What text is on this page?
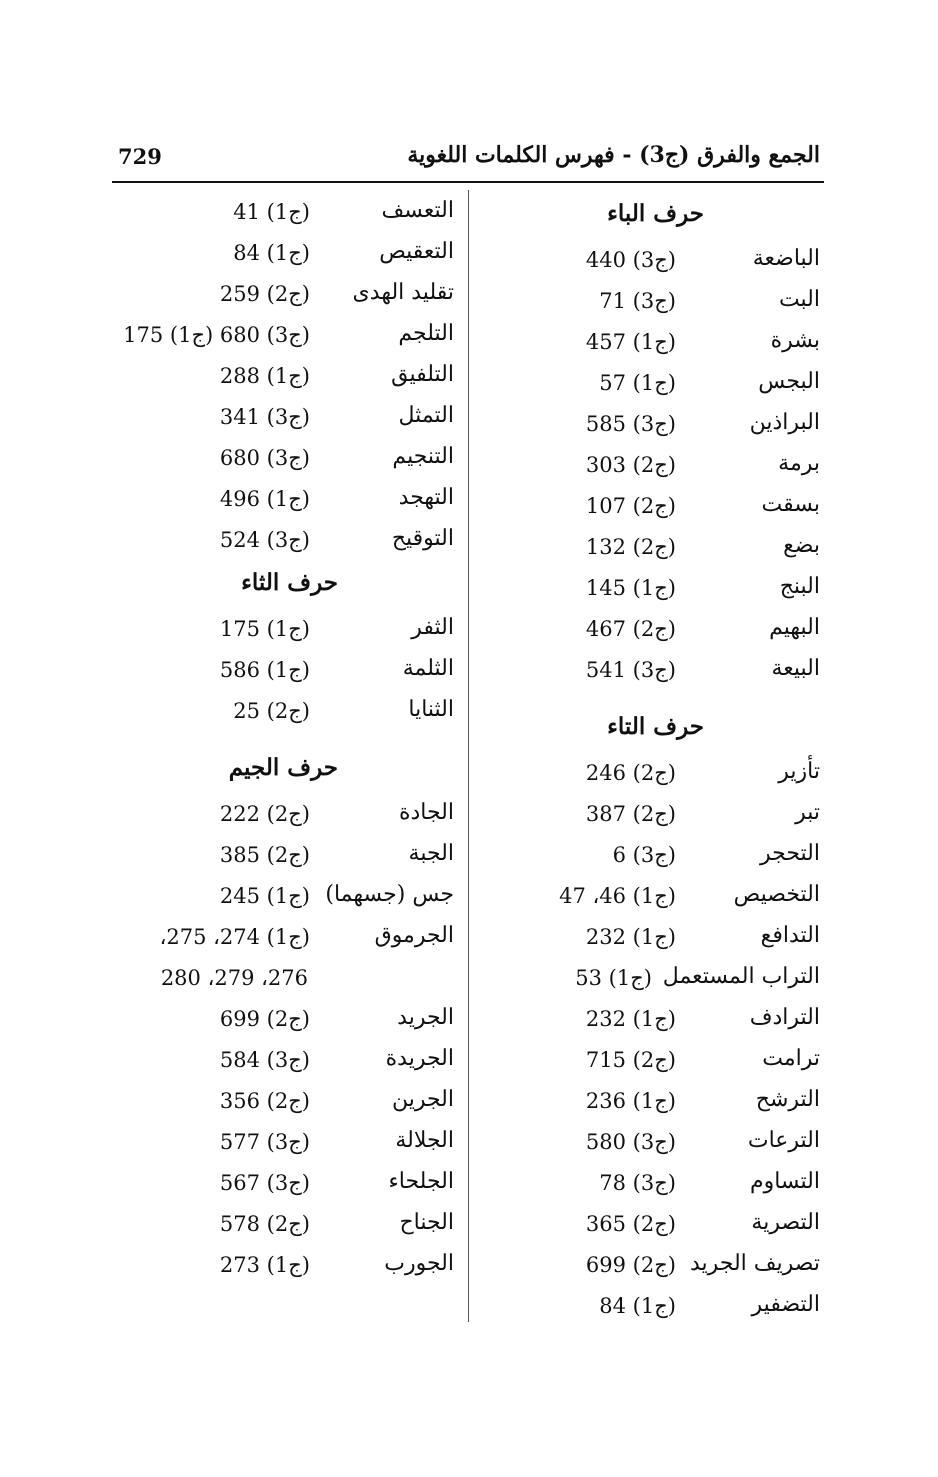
729	الجمع والفرق (ج3) - فهرس الكلمات اللغوية
حرف الباء
الباضعة
(ج3) 440
البت
(ج3) 71
بشرة
(ج1) 457
البجس
(ج1) 57
البراذين
(ج3) 585
برمة
(ج2) 303
بسقت
(ج2) 107
بضع
(ج2) 132
البنج
(ج1) 145
البهيم
(ج2) 467
البيعة
(ج3) 541
حرف التاء
تأزير
(ج2) 246
تبر
(ج2) 387
التحجر
(ج3) 6
التخصيص
(ج1) 46، 47
التدافع
(ج1) 232
التراب المستعمل
(ج1) 53
الترادف
(ج1) 232
ترامت
(ج2) 715
الترشح
(ج1) 236
الترعات
(ج3) 580
التساوم
(ج3) 78
التصرية
(ج2) 365
تصريف الجريد
(ج2) 699
التضفير
(ج1) 84
التعسف
(ج1) 41
التعقيص
(ج1) 84
تقليد الهدى
(ج2) 259
التلجم
(ج3) 680 (ج1) 175
التلفيق
(ج1) 288
التمثل
(ج3) 341
التنجيم
(ج3) 680
التهجد
(ج1) 496
التوقيح
(ج3) 524
حرف الثاء
الثفر
(ج1) 175
الثلمة
(ج1) 586
الثنايا
(ج2) 25
حرف الجيم
الجادة
(ج2) 222
الجبة
(ج2) 385
جس (جسهما)
(ج1) 245
الجرموق
(ج1) 274، 275،
276، 279، 280
الجريد
(ج2) 699
الجريدة
(ج3) 584
الجرين
(ج2) 356
الجلالة
(ج3) 577
الجلحاء
(ج3) 567
الجناح
(ج2) 578
الجورب
(ج1) 273
